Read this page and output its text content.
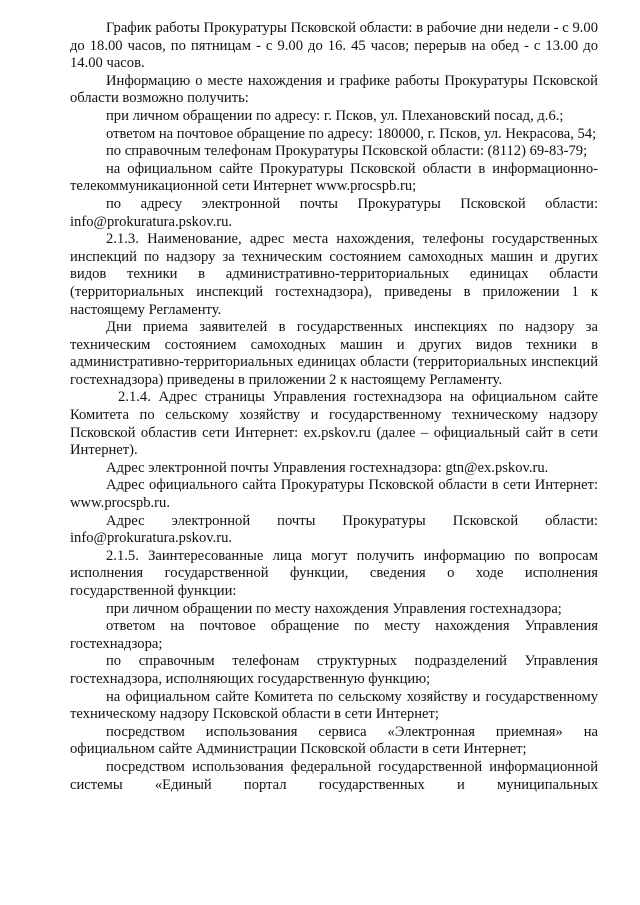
График работы Прокуратуры Псковской области: в рабочие дни недели - с 9.00 до 18.00 часов, по пятницам - с 9.00 до 16. 45 часов; перерыв на обед - с 13.00 до 14.00 часов.

Информацию о месте нахождения и графике работы Прокуратуры Псковской области возможно получить:

при личном обращении по адресу: г. Псков, ул. Плехановский посад, д.6.;

ответом на почтовое обращение по адресу: 180000, г. Псков, ул. Некрасова, 54;

по справочным телефонам Прокуратуры Псковской области: (8112) 69-83-79;

на официальном сайте Прокуратуры Псковской области в информационно-телекоммуникационной сети Интернет www.procspb.ru;

по адресу электронной почты Прокуратуры Псковской области: info@prokuratura.pskov.ru.

2.1.3. Наименование, адрес места нахождения, телефоны государственных инспекций по надзору за техническим состоянием самоходных машин и других видов техники в административно-территориальных единицах области (территориальных инспекций гостехнадзора), приведены в приложении 1 к настоящему Регламенту.

Дни приема заявителей в государственных инспекциях по надзору за техническим состоянием самоходных машин и других видов техники в административно-территориальных единицах области (территориальных инспекций гостехнадзора) приведены в приложении 2 к настоящему Регламенту.

2.1.4. Адрес страницы Управления гостехнадзора на официальном сайте Комитета по сельскому хозяйству и государственному техническому надзору Псковской областив сети Интернет: ex.pskov.ru (далее – официальный сайт в сети Интернет).

Адрес электронной почты Управления гостехнадзора: gtn@ex.pskov.ru.

Адрес официального сайта Прокуратуры Псковской области в сети Интернет: www.procspb.ru.

Адрес электронной почты Прокуратуры Псковской области: info@prokuratura.pskov.ru.

2.1.5. Заинтересованные лица могут получить информацию по вопросам исполнения государственной функции, сведения о ходе исполнения государственной функции:

при личном обращении по месту нахождения Управления гостехнадзора;

ответом на почтовое обращение по месту нахождения Управления гостехнадзора;

по справочным телефонам структурных подразделений Управления гостехнадзора, исполняющих государственную функцию;

на официальном сайте Комитета по сельскому хозяйству и государственному техническому надзору Псковской области в сети Интернет;

посредством использования сервиса «Электронная приемная» на официальном сайте Администрации Псковской области в сети Интернет;

посредством использования федеральной государственной информационной системы «Единый портал государственных и муниципальных
